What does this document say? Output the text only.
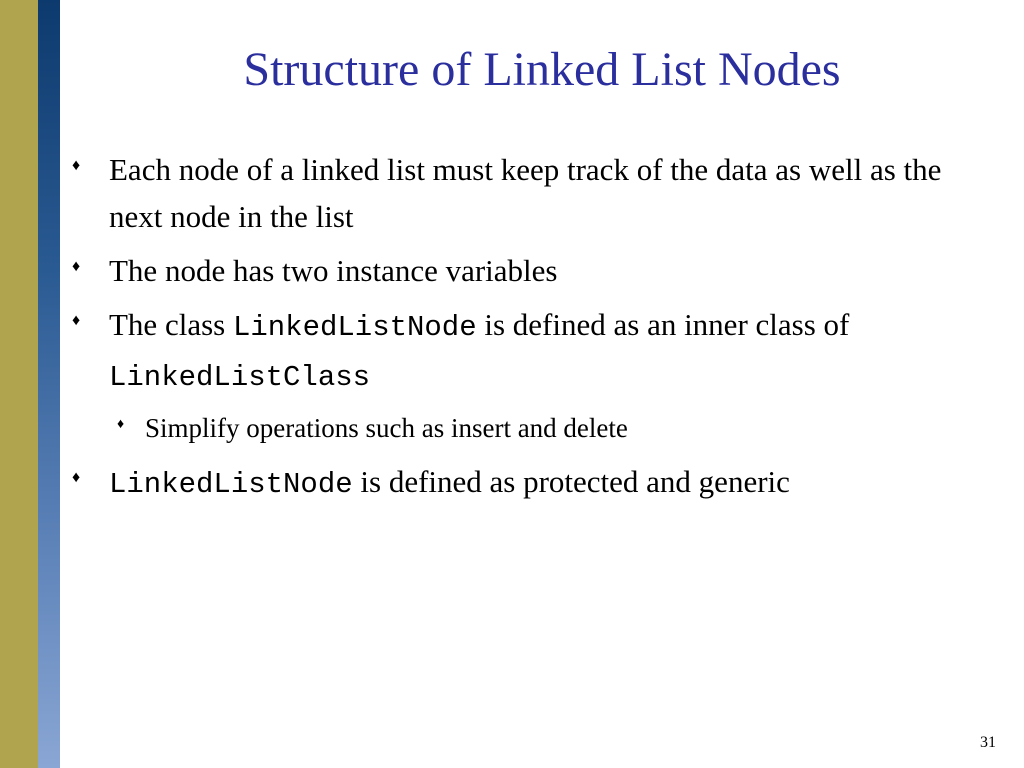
Structure of Linked List Nodes
♦ Each node of a linked list must keep track of the data as well as the next node in the list
♦ The node has two instance variables
♦ The class LinkedListNode is defined as an inner class of LinkedListClass
♦ Simplify operations such as insert and delete
♦ LinkedListNode is defined as protected and generic
31
